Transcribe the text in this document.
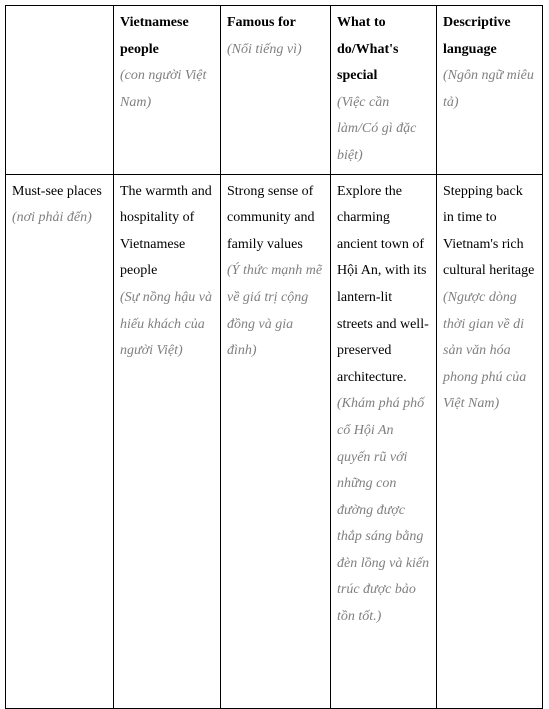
	Vietnamese people
(con người Việt Nam)	Famous for
(Nổi tiếng vì)	What to do/What's special
(Việc cần làm/Có gì đặc biệt)	Descriptive language
(Ngôn ngữ miêu tả)

Must-see places
(nơi phải đến)	The warmth and hospitality of Vietnamese people
(Sự nồng hậu và hiếu khách của người Việt)	Strong sense of community and family values
(Ý thức mạnh mẽ về giá trị cộng đồng và gia đình)	Explore the charming ancient town of Hội An, with its lantern-lit streets and well-preserved architecture.
(Khám phá phố cổ Hội An quyến rũ với những con đường được thắp sáng bằng đèn lồng và kiến trúc được bảo tồn tốt.)	Stepping back in time to Vietnam's rich cultural heritage
(Ngược dòng thời gian về di sản văn hóa phong phú của Việt Nam)
